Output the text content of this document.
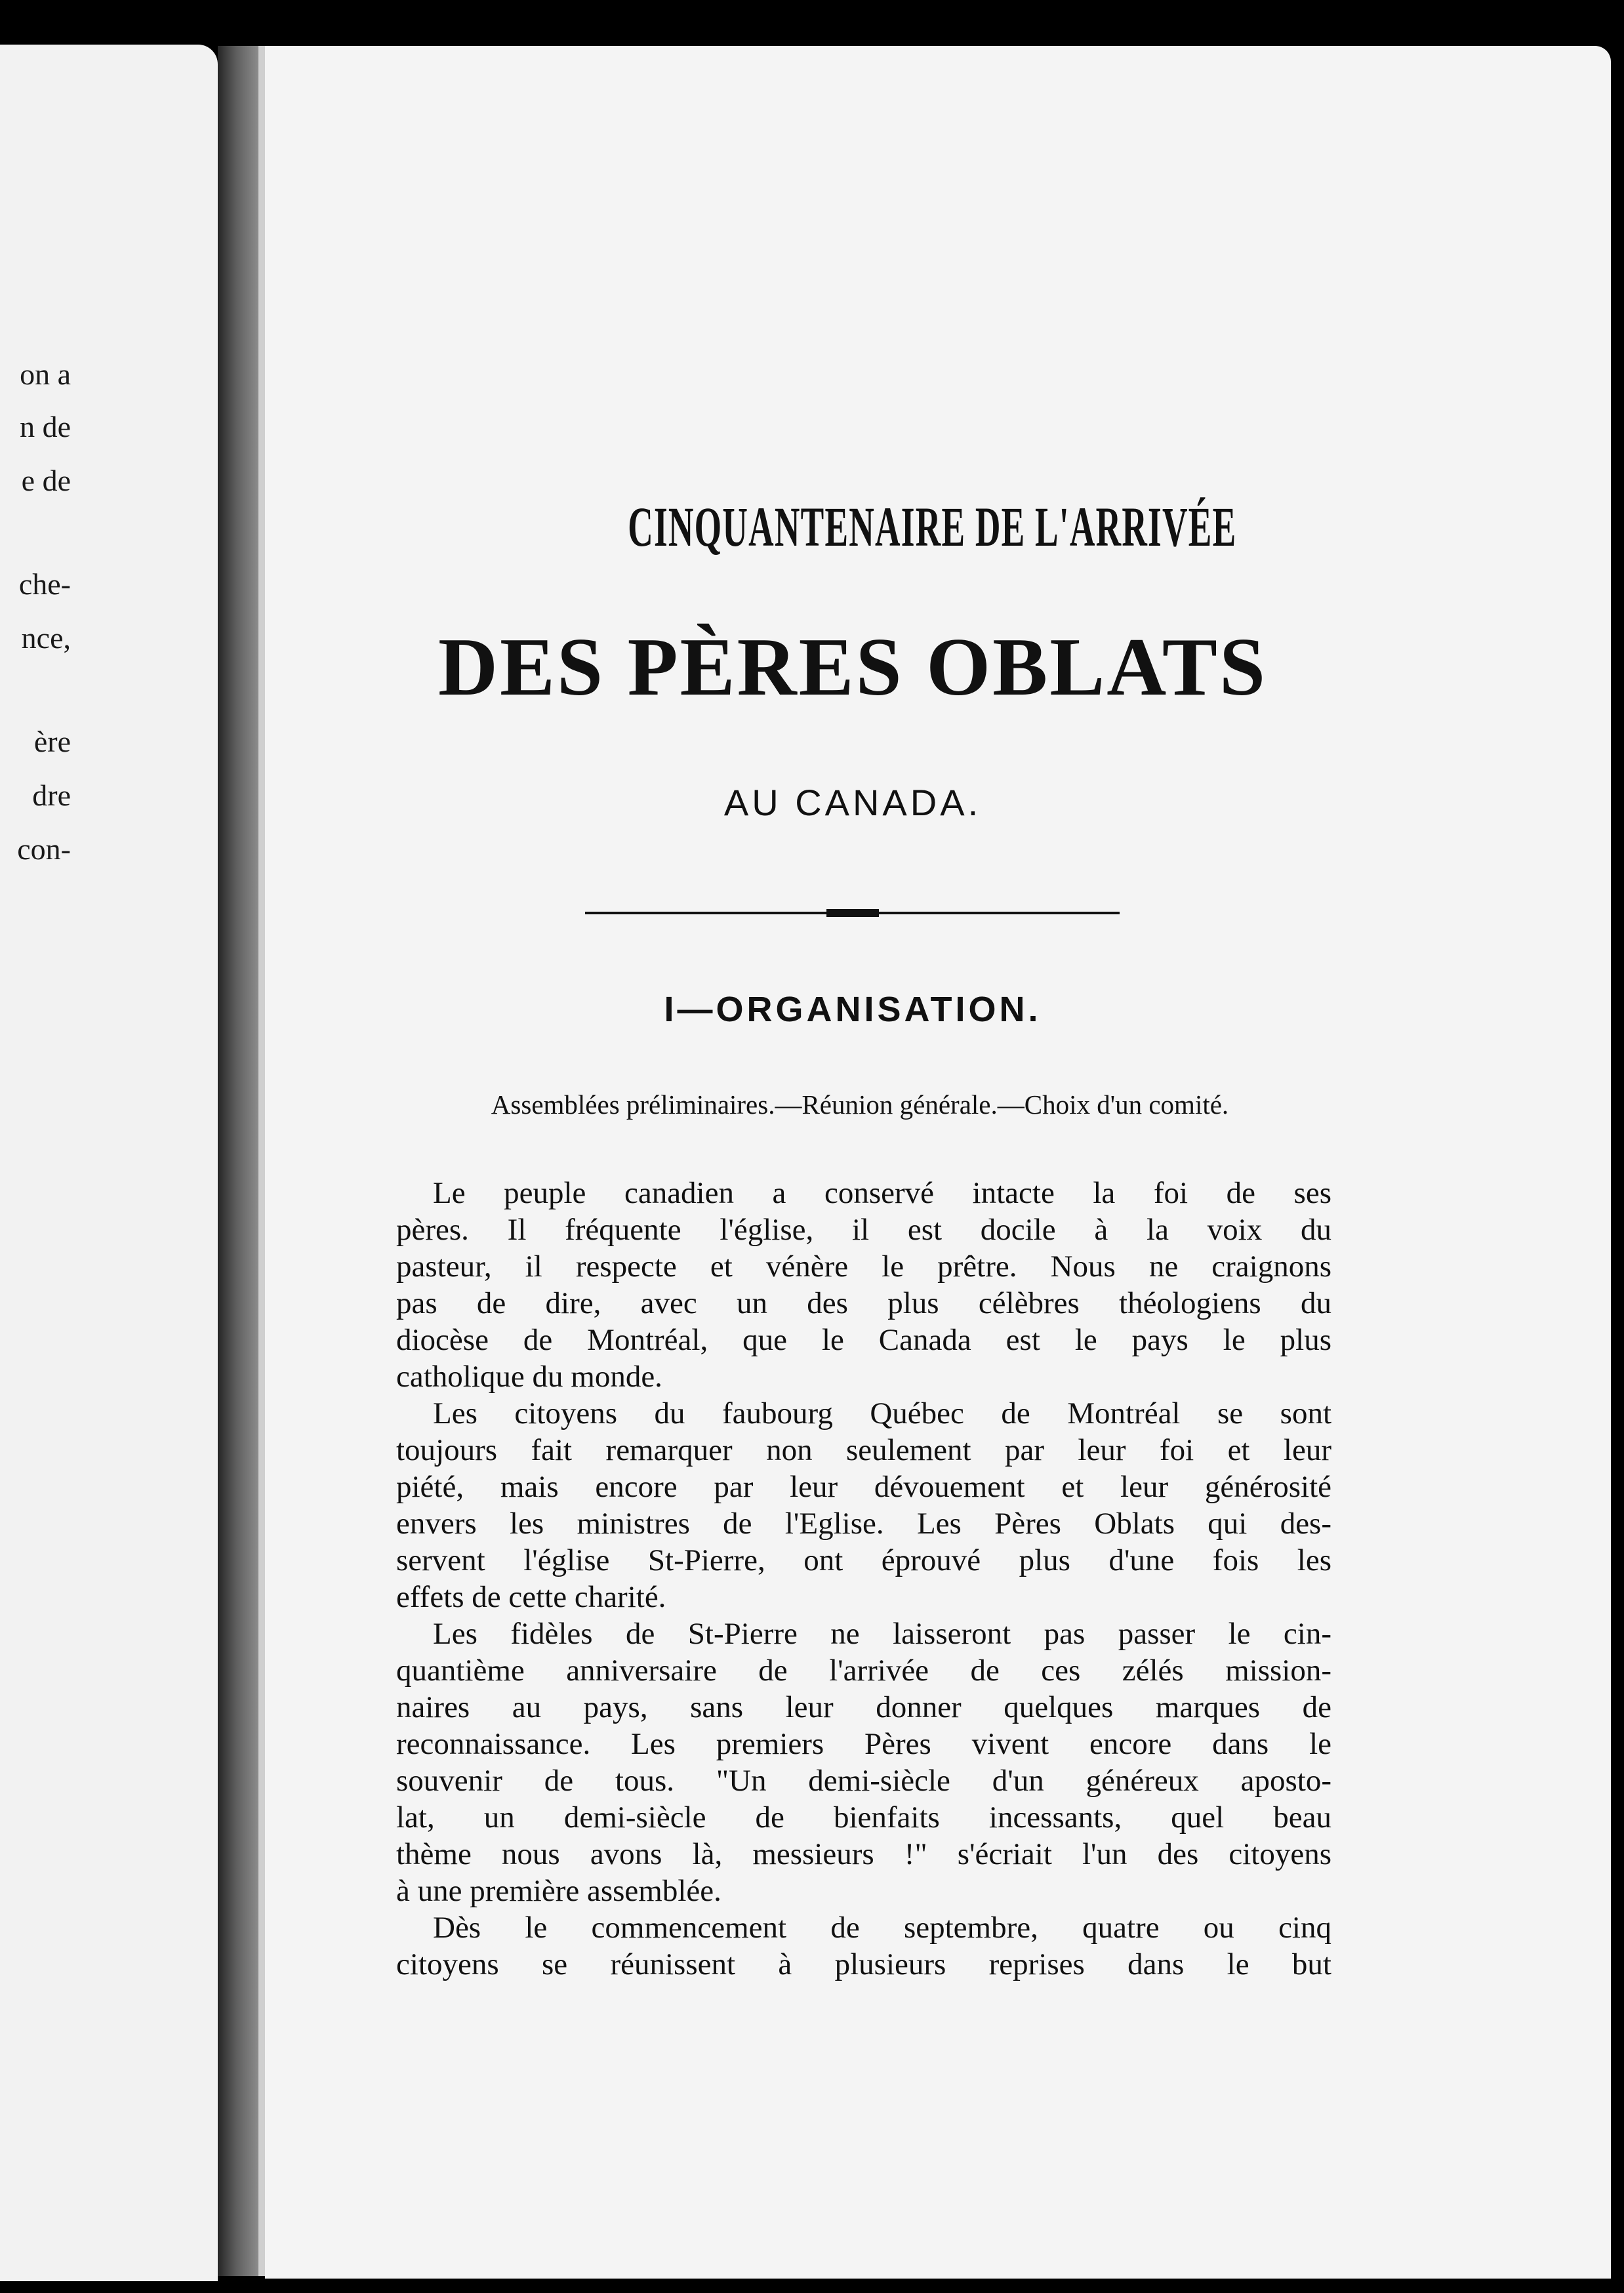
on a
n de
e de
che-
nce,
ère
dre
con-
CINQUANTENAIRE DE L'ARRIVÉE
DES PÈRES OBLATS
AU CANADA.
I—ORGANISATION.
Assemblées préliminaires.—Réunion générale.—Choix d'un comité.
Le peuple canadien a conservé intacte la foi de ses
pères. Il fréquente l'église, il est docile à la voix du
pasteur, il respecte et vénère le prêtre. Nous ne craignons
pas de dire, avec un des plus célèbres théologiens du
diocèse de Montréal, que le Canada est le pays le plus
catholique du monde.
Les citoyens du faubourg Québec de Montréal se sont
toujours fait remarquer non seulement par leur foi et leur
piété, mais encore par leur dévouement et leur générosité
envers les ministres de l'Eglise. Les Pères Oblats qui des-
servent l'église St-Pierre, ont éprouvé plus d'une fois les
effets de cette charité.
Les fidèles de St-Pierre ne laisseront pas passer le cin-
quantième anniversaire de l'arrivée de ces zélés mission-
naires au pays, sans leur donner quelques marques de
reconnaissance. Les premiers Pères vivent encore dans le
souvenir de tous. "Un demi-siècle d'un généreux aposto-
lat, un demi-siècle de bienfaits incessants, quel beau
thème nous avons là, messieurs !" s'écriait l'un des citoyens
à une première assemblée.
Dès le commencement de septembre, quatre ou cinq
citoyens se réunissent à plusieurs reprises dans le but
